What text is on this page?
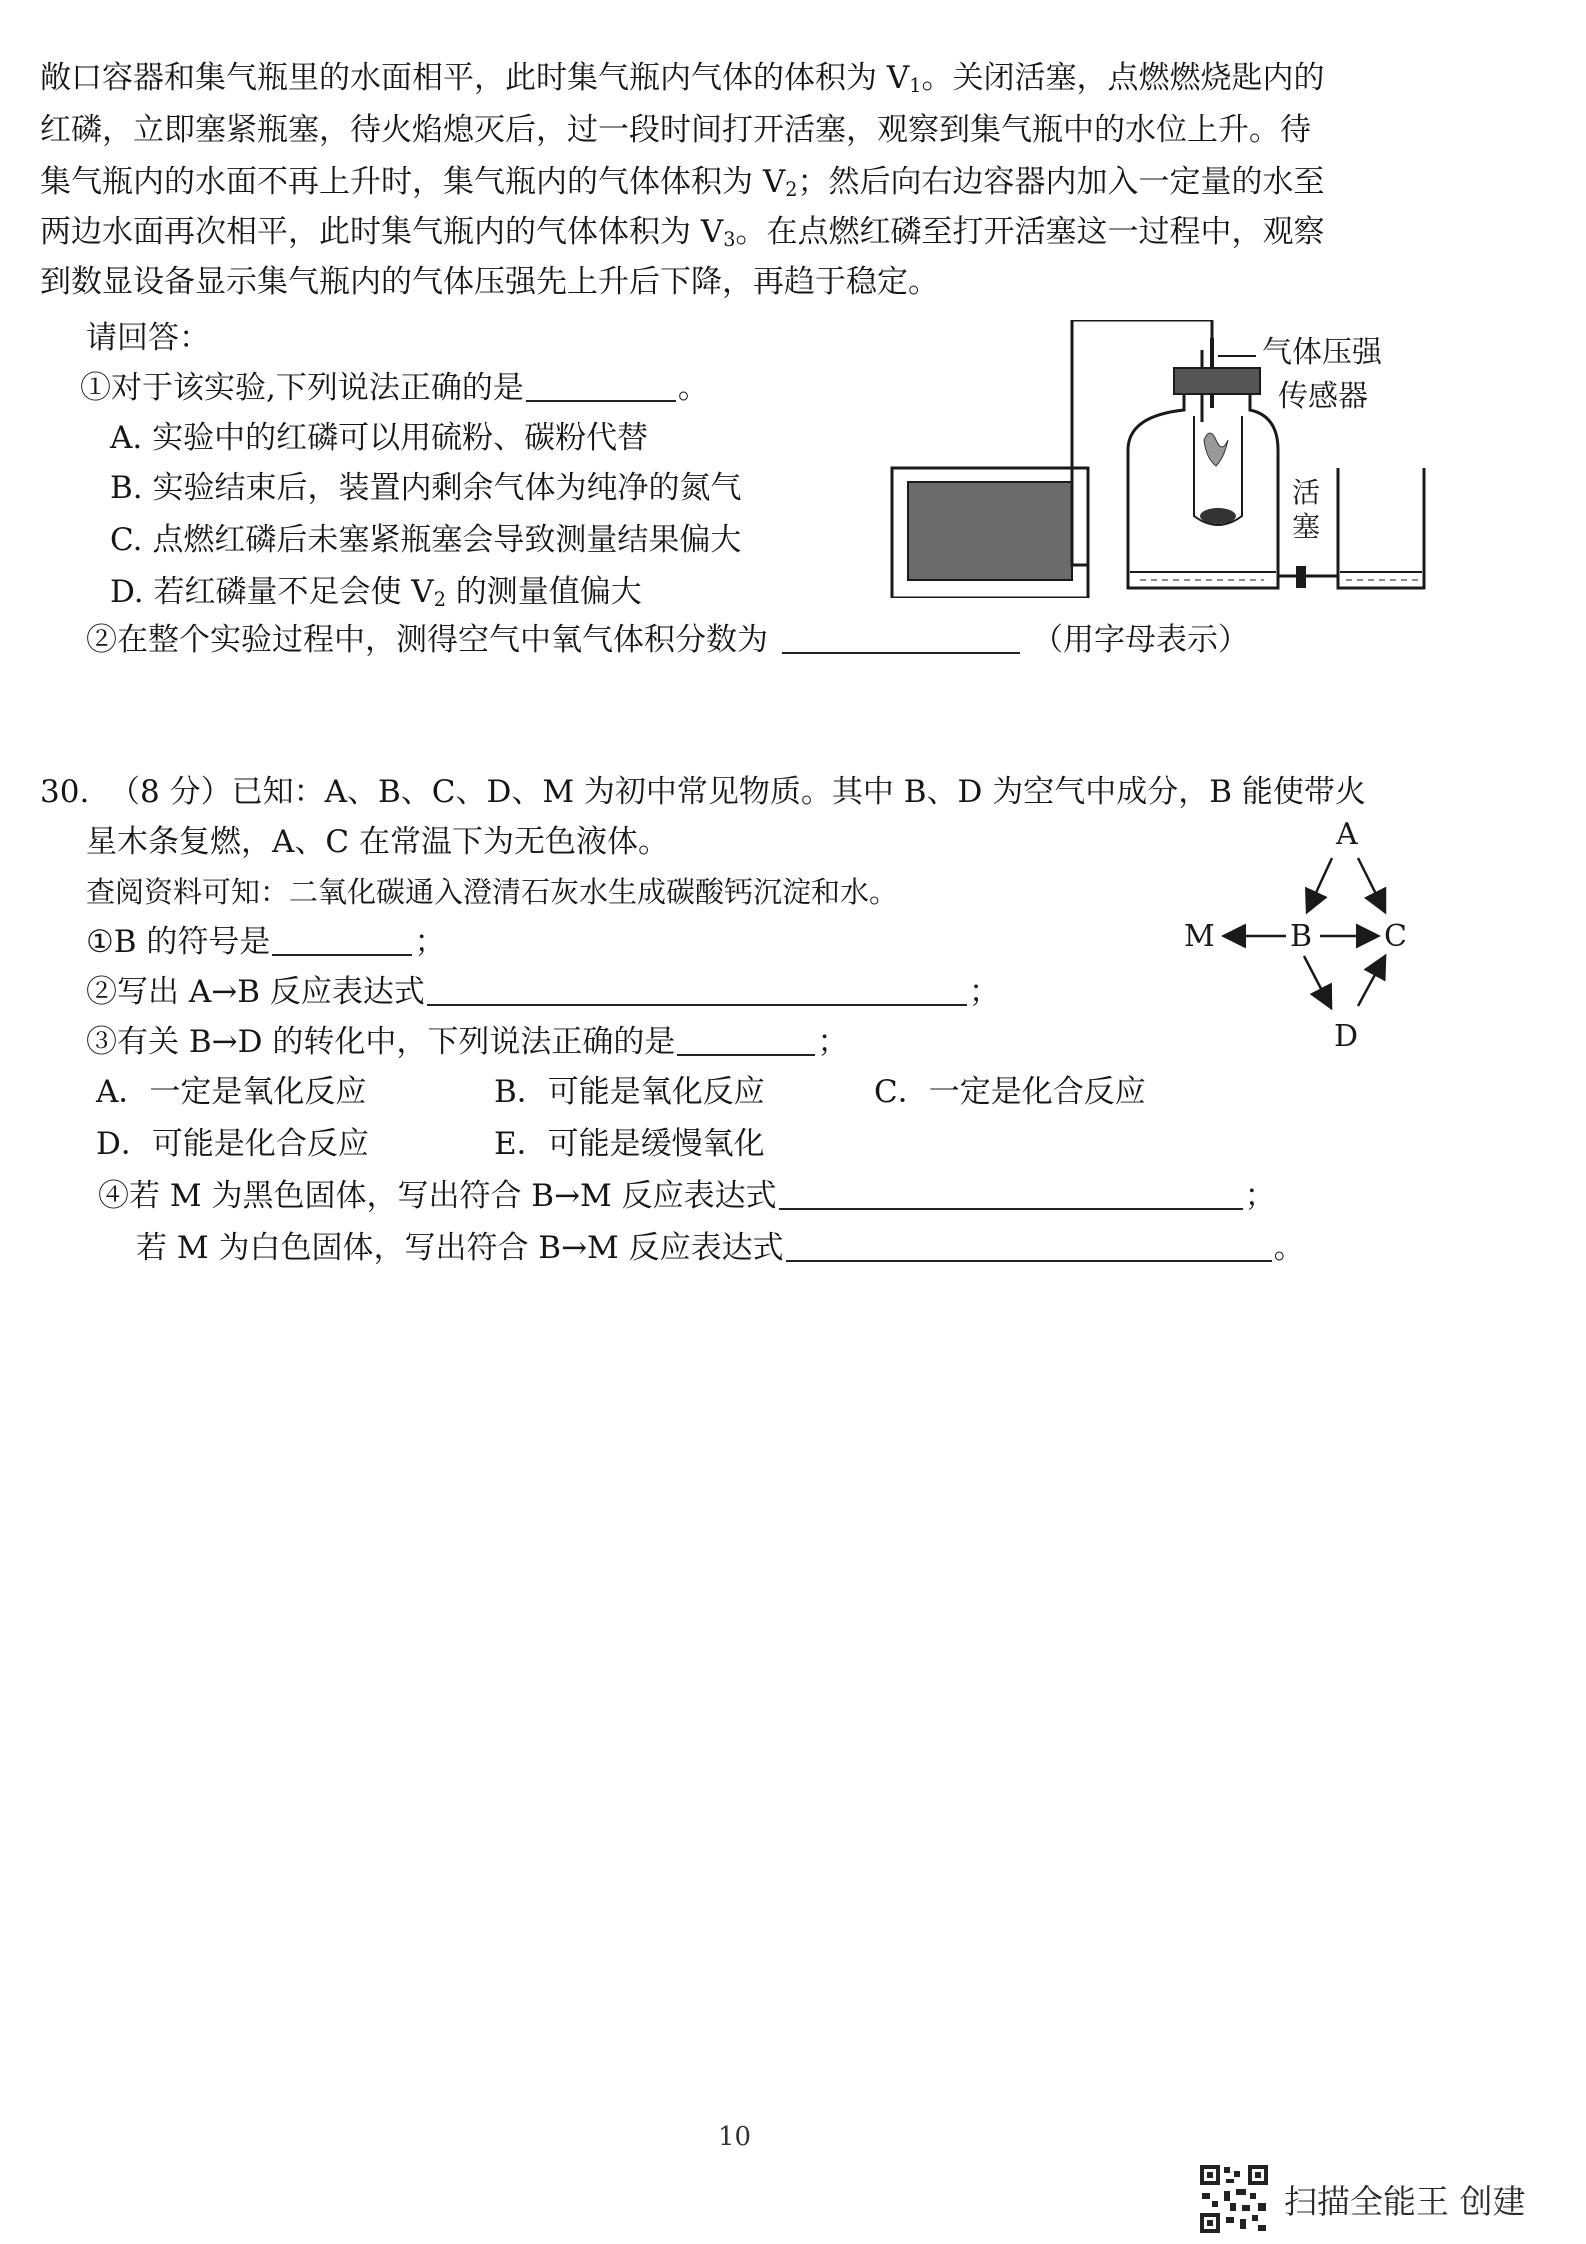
敞口容器和集气瓶里的水面相平，此时集气瓶内气体的体积为 $V_1$。关闭活塞，点燃燃烧匙内的
红磷，立即塞紧瓶塞，待火焰熄灭后，过一段时间打开活塞，观察到集气瓶中的水位上升。待
集气瓶内的水面不再上升时，集气瓶内的气体体积为 $V_2$；然后向右边容器内加入一定量的水至
两边水面再次相平，此时集气瓶内的气体体积为 $V_3$。在点燃红磷至打开活塞这一过程中，观察
到数显设备显示集气瓶内的气体压强先上升后下降，再趋于稳定。
请回答：
①对于该实验,下列说法正确的是	。
A. 实验中的红磷可以用硫粉、碳粉代替
B. 实验结束后，装置内剩余气体为纯净的氮气
C. 点燃红磷后未塞紧瓶塞会导致测量结果偏大
D. 若红磷量不足会使 $V_2$ 的测量值偏大
②在整个实验过程中，测得空气中氧气体积分数为	（用字母表示）
气体压强
传感器
活
塞
30.  （8 分）已知：A、B、C、D、M 为初中常见物质。其中 B、D 为空气中成分，B 能使带火
星木条复燃，A、C 在常温下为无色液体。
查阅资料可知：二氧化碳通入澄清石灰水生成碳酸钙沉淀和水。
①B 的符号是	；
②写出 A→B 反应表达式	；
③有关 B→D 的转化中，下列说法正确的是	；
A．一定是氧化反应	B．可能是氧化反应	C．一定是化合反应
D．可能是化合反应	E．可能是缓慢氧化
④若 M 为黑色固体，写出符合 B→M 反应表达式	；
若 M 为白色固体，写出符合 B→M 反应表达式	。
A
M	B C
D
10
扫描全能王 创建
